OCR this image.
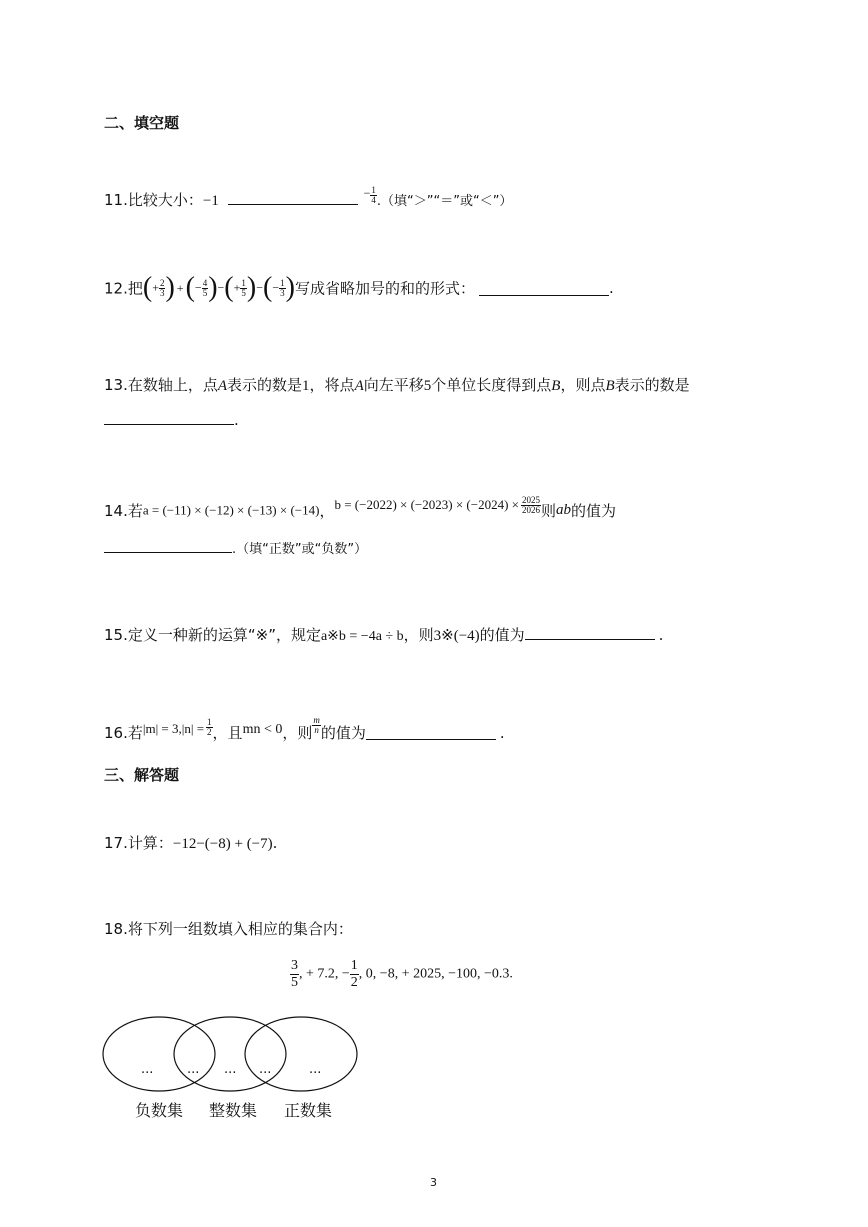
二、填空题
11.比较大小：−1	$^- \frac{1}{4}$ .（填“＞”“＝”或“＜”）
12.把(+ $\frac{2}{3}$ ) +(− $\frac{4}{5}$ )−(+ $\frac{1}{5}$ )−(− $\frac{1}{3}$ )写成省略加号的和的形式：	.
13.在数轴上，点A表示的数是1，将点A向左平移5个单位长度得到点B，则点B表示的数是
.
14.若a = (−11) × (−12) × (−13) × (−14)，$b = (-2022) \times (-2023) \times (-2024) \times \frac{2025}{2026}$ 则ab的值为
.（填“正数”或“负数”）
15.定义一种新的运算“※”，规定a※b = −4a ÷ b，则3※(−4)的值为	.
16.若$|m| = 3,|n| = \frac{1}{2}$ ，且mn < 0，则 $\frac{m}{n}$ 的值为	.
三、解答题
17.计算：−12−(−8) + (−7).
18.将下列一组数填入相应的集合内：
$\frac{3}{5}$ , + 7.2, − $\frac{1}{2}$ , 0, −8, + 2025, −100, −0.3.
...	... ... ...	...
负数集 整数集 正数集
3
